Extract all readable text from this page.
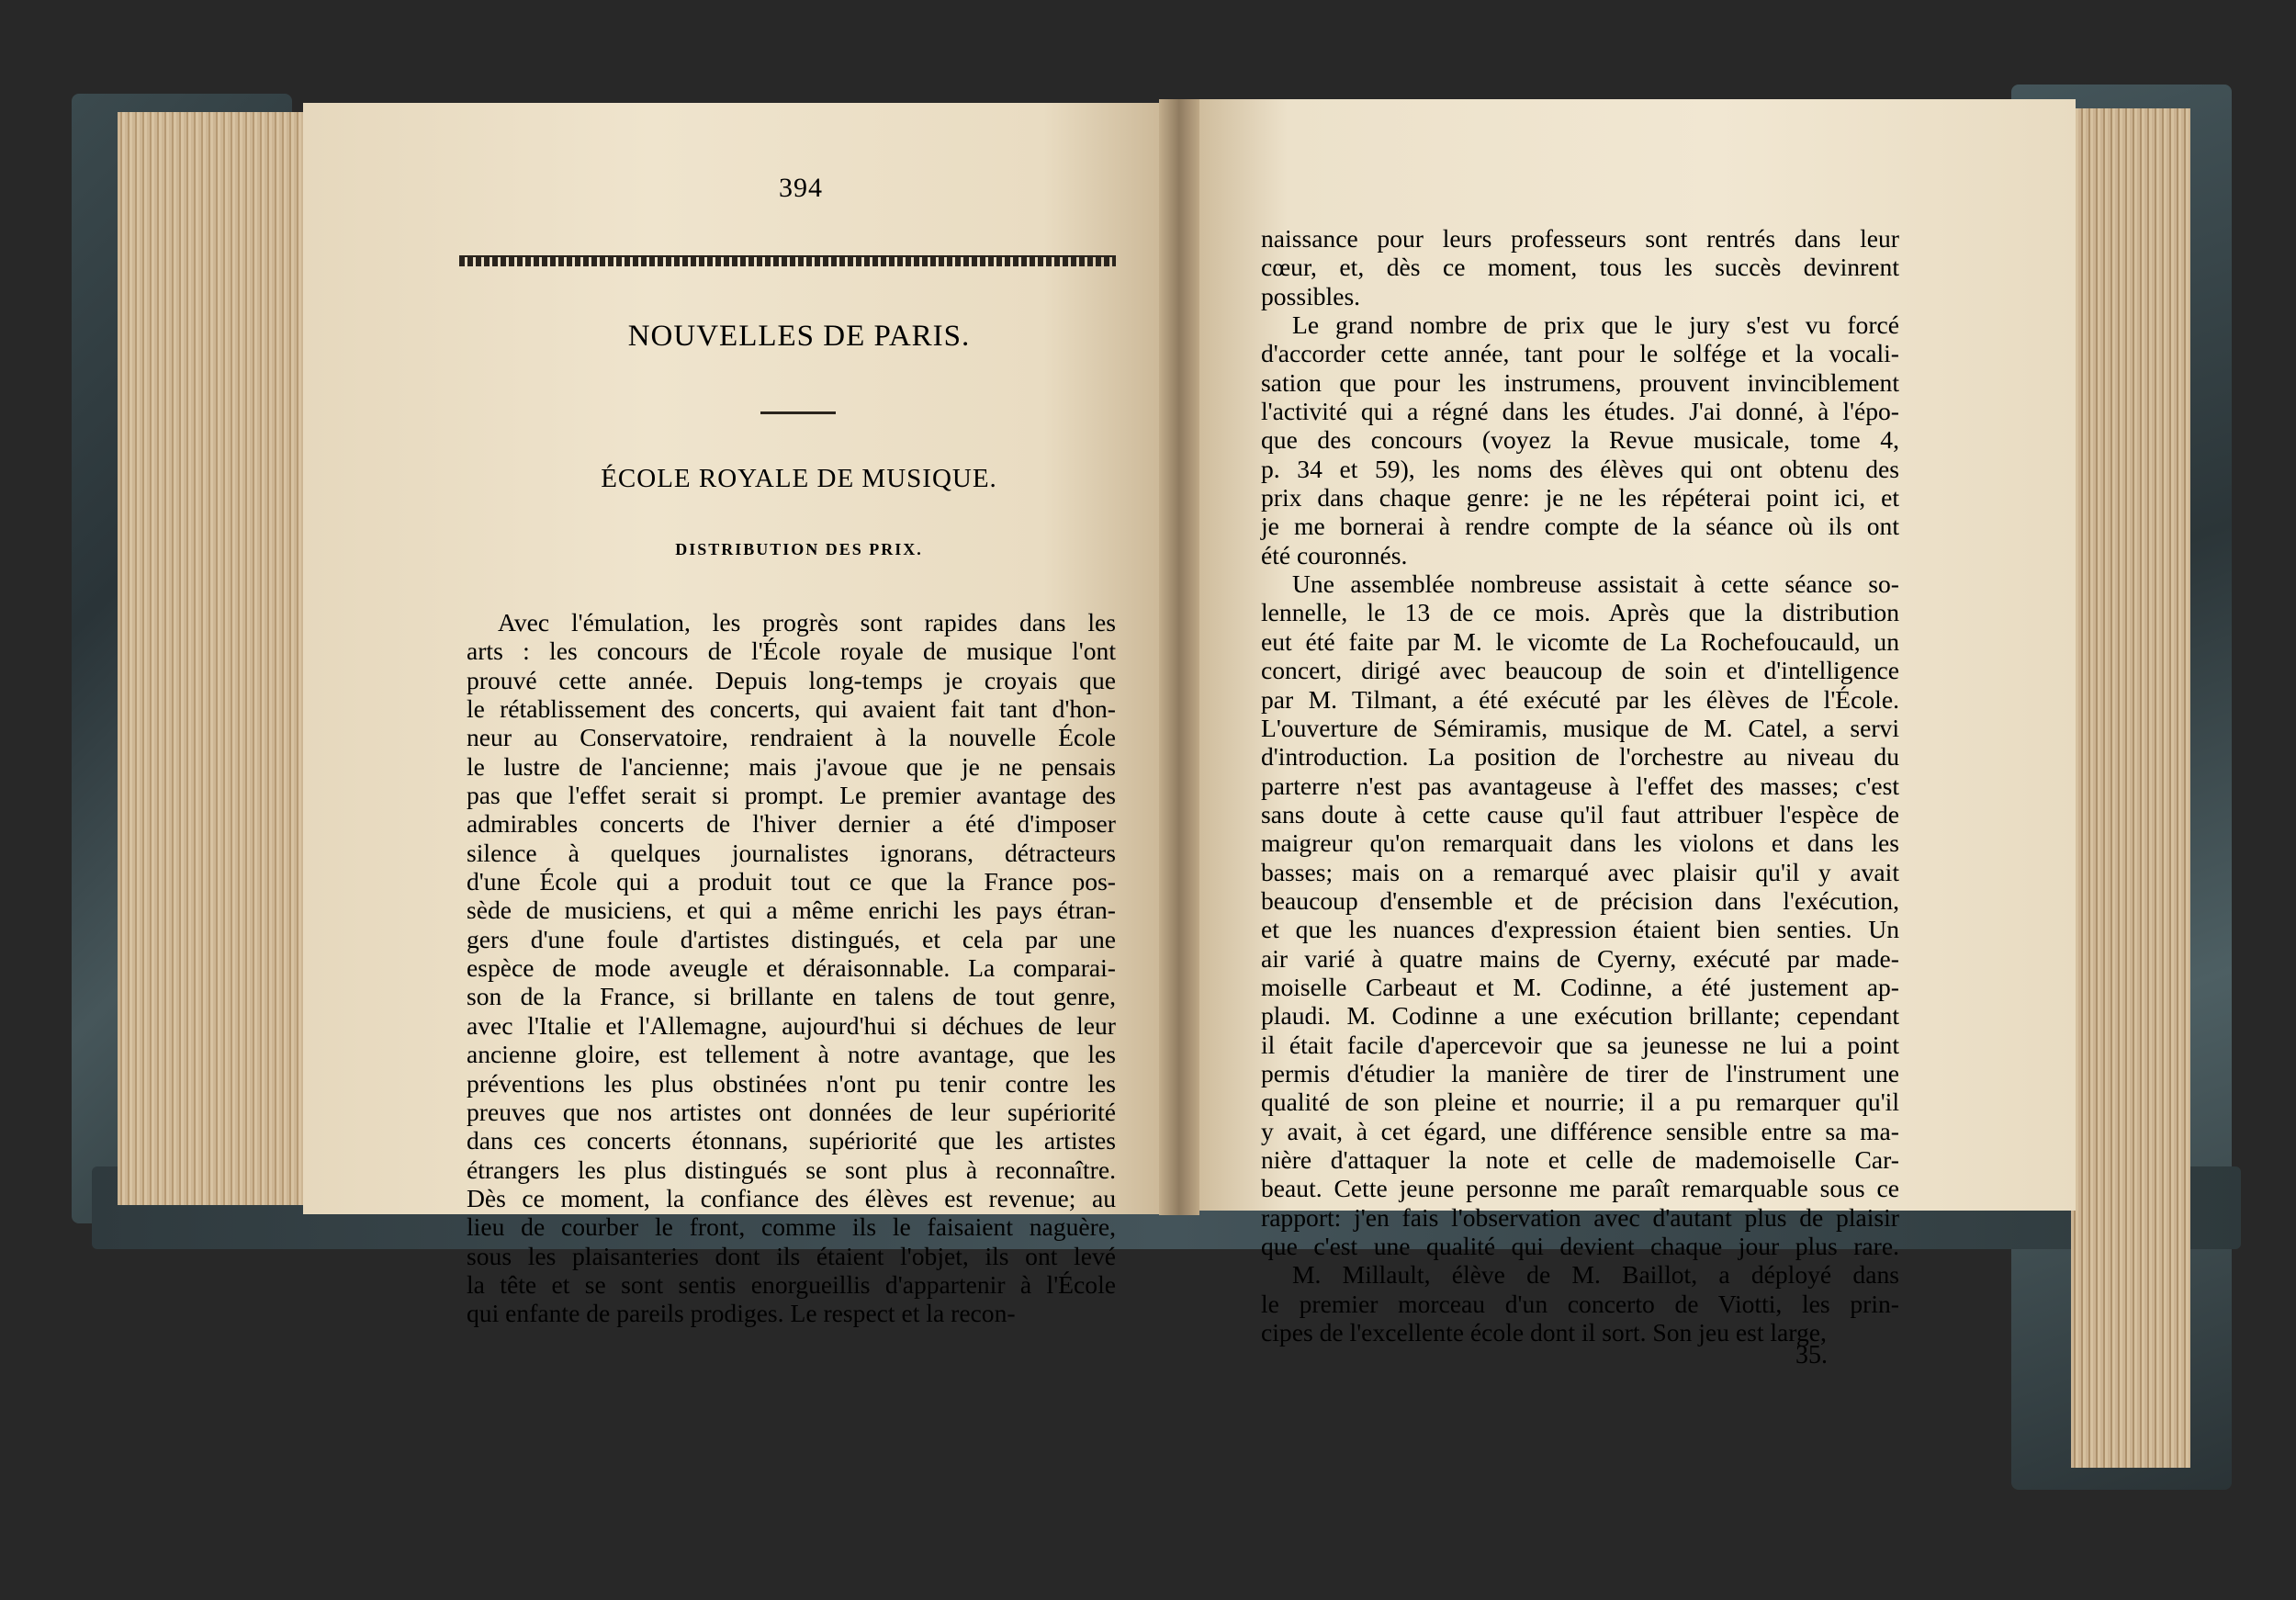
394
NOUVELLES DE PARIS.
ÉCOLE ROYALE DE MUSIQUE.
DISTRIBUTION DES PRIX.
Avec l'émulation, les progrès sont rapides dans les
arts : les concours de l'École royale de musique l'ont
prouvé cette année. Depuis long-temps je croyais que
le rétablissement des concerts, qui avaient fait tant d'hon-
neur au Conservatoire, rendraient à la nouvelle École
le lustre de l'ancienne; mais j'avoue que je ne pensais
pas que l'effet serait si prompt. Le premier avantage des
admirables concerts de l'hiver dernier a été d'imposer
silence à quelques journalistes ignorans, détracteurs
d'une École qui a produit tout ce que la France pos-
sède de musiciens, et qui a même enrichi les pays étran-
gers d'une foule d'artistes distingués, et cela par une
espèce de mode aveugle et déraisonnable. La comparai-
son de la France, si brillante en talens de tout genre,
avec l'Italie et l'Allemagne, aujourd'hui si déchues de leur
ancienne gloire, est tellement à notre avantage, que les
préventions les plus obstinées n'ont pu tenir contre les
preuves que nos artistes ont données de leur supériorité
dans ces concerts étonnans, supériorité que les artistes
étrangers les plus distingués se sont plus à reconnaître.
Dès ce moment, la confiance des élèves est revenue; au
lieu de courber le front, comme ils le faisaient naguère,
sous les plaisanteries dont ils étaient l'objet, ils ont levé
la tête et se sont sentis enorgueillis d'appartenir à l'École
qui enfante de pareils prodiges. Le respect et la recon-
naissance pour leurs professeurs sont rentrés dans leur
cœur, et, dès ce moment, tous les succès devinrent
possibles.
Le grand nombre de prix que le jury s'est vu forcé
d'accorder cette année, tant pour le solfége et la vocali-
sation que pour les instrumens, prouvent invinciblement
l'activité qui a régné dans les études. J'ai donné, à l'épo-
que des concours (voyez la Revue musicale, tome 4,
p. 34 et 59), les noms des élèves qui ont obtenu des
prix dans chaque genre: je ne les répéterai point ici, et
je me bornerai à rendre compte de la séance où ils ont
été couronnés.
Une assemblée nombreuse assistait à cette séance so-
lennelle, le 13 de ce mois. Après que la distribution
eut été faite par M. le vicomte de La Rochefoucauld, un
concert, dirigé avec beaucoup de soin et d'intelligence
par M. Tilmant, a été exécuté par les élèves de l'École.
L'ouverture de Sémiramis, musique de M. Catel, a servi
d'introduction. La position de l'orchestre au niveau du
parterre n'est pas avantageuse à l'effet des masses; c'est
sans doute à cette cause qu'il faut attribuer l'espèce de
maigreur qu'on remarquait dans les violons et dans les
basses; mais on a remarqué avec plaisir qu'il y avait
beaucoup d'ensemble et de précision dans l'exécution,
et que les nuances d'expression étaient bien senties. Un
air varié à quatre mains de Cyerny, exécuté par made-
moiselle Carbeaut et M. Codinne, a été justement ap-
plaudi. M. Codinne a une exécution brillante; cependant
il était facile d'apercevoir que sa jeunesse ne lui a point
permis d'étudier la manière de tirer de l'instrument une
qualité de son pleine et nourrie; il a pu remarquer qu'il
y avait, à cet égard, une différence sensible entre sa ma-
nière d'attaquer la note et celle de mademoiselle Car-
beaut. Cette jeune personne me paraît remarquable sous ce
rapport: j'en fais l'observation avec d'autant plus de plaisir
que c'est une qualité qui devient chaque jour plus rare.
M. Millault, élève de M. Baillot, a déployé dans
le premier morceau d'un concerto de Viotti, les prin-
cipes de l'excellente école dont il sort. Son jeu est large,
35.
